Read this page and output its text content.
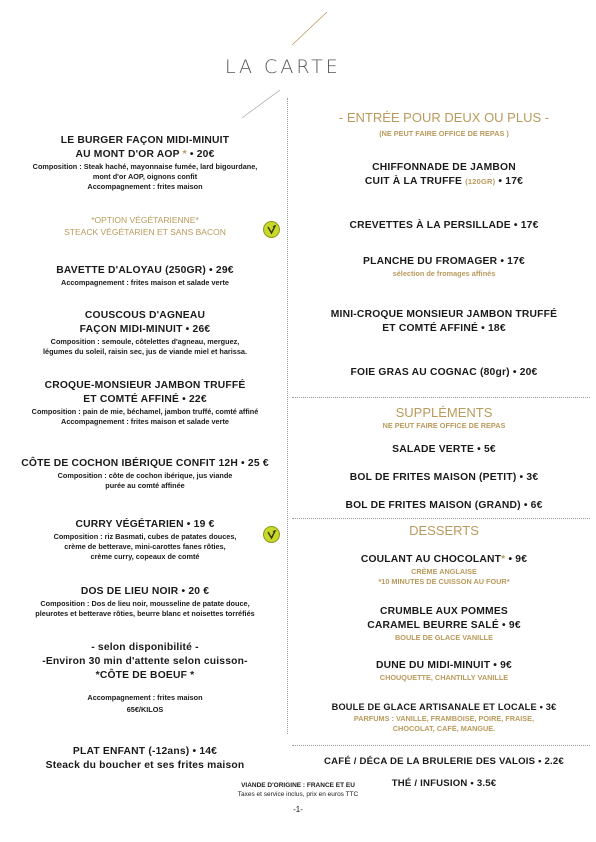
LA CARTE
LE BURGER FAÇON MIDI-MINUIT
AU MONT D'OR AOP * • 20€
Composition : Steak haché, mayonnaise fumée, lard bigourdane,
mont d'or AOP, oignons confit
Accompagnement : frites maison
*OPTION VÉGÉTARIENNE*
STEACK VÉGÉTARIEN ET SANS BACON
BAVETTE D'ALOYAU (250GR) • 29€
Accompagnement : frites maison et salade verte
COUSCOUS D'AGNEAU
FAÇON MIDI-MINUIT • 26€
Composition : semoule, côtelettes d'agneau, merguez,
légumes du soleil, raisin sec, jus de viande miel et harissa.
CROQUE-MONSIEUR JAMBON TRUFFÉ
ET COMTÉ AFFINÉ • 22€
Composition : pain de mie, béchamel, jambon truffé, comté affiné
Accompagnement : frites maison et salade verte
CÔTE DE COCHON IBÉRIQUE CONFIT 12H • 25 €
Composition : côte de cochon ibérique, jus viande
purée au comté affinée
CURRY VÉGÉTARIEN • 19 €
Composition : riz Basmati, cubes de patates douces,
crème de betterave, mini-carottes fanes rôties,
crème curry, copeaux de comté
DOS DE LIEU NOIR • 20 €
Composition : Dos de lieu noir, mousseline de patate douce,
pleurotes et betterave rôties, beurre blanc et noisettes torréfiés
- selon disponibilité -
-Environ 30 min d'attente selon cuisson-
*CÔTE DE BOEUF *
Accompagnement : frites maison
65€/KILOS
PLAT ENFANT (-12ans) • 14€
Steack du boucher et ses frites maison
- ENTRÉE POUR DEUX OU PLUS -
(NE PEUT FAIRE OFFICE DE REPAS )
CHIFFONNADE DE JAMBON
CUIT À LA TRUFFE (120GR) • 17€
CREVETTES À LA PERSILLADE • 17€
PLANCHE DU FROMAGER • 17€
sélection de fromages affinés
MINI-CROQUE MONSIEUR JAMBON TRUFFÉ
ET COMTÉ AFFINÉ • 18€
FOIE GRAS AU COGNAC (80gr) • 20€
SUPPLÉMENTS
NE PEUT FAIRE OFFICE DE REPAS
SALADE VERTE • 5€
BOL DE FRITES MAISON (PETIT) • 3€
BOL DE FRITES MAISON (GRAND) • 6€
DESSERTS
COULANT AU CHOCOLANT* • 9€
CRÈME ANGLAISE
*10 MINUTES DE CUISSON AU FOUR*
CRUMBLE AUX POMMES
CARAMEL BEURRE SALÉ • 9€
BOULE DE GLACE VANILLE
DUNE DU MIDI-MINUIT • 9€
CHOUQUETTE, CHANTILLY VANILLE
BOULE DE GLACE ARTISANALE ET LOCALE • 3€
PARFUMS : VANILLE, FRAMBOISE, POIRE, FRAISE,
CHOCOLAT, CAFÉ, MANGUE.
CAFÉ / DÉCA DE LA BRULERIE DES VALOIS • 2.2€
THÉ / INFUSION • 3.5€
VIANDE D'ORIGINE : FRANCE ET EU
Taxes et service inclus, prix en euros TTC
-1-
